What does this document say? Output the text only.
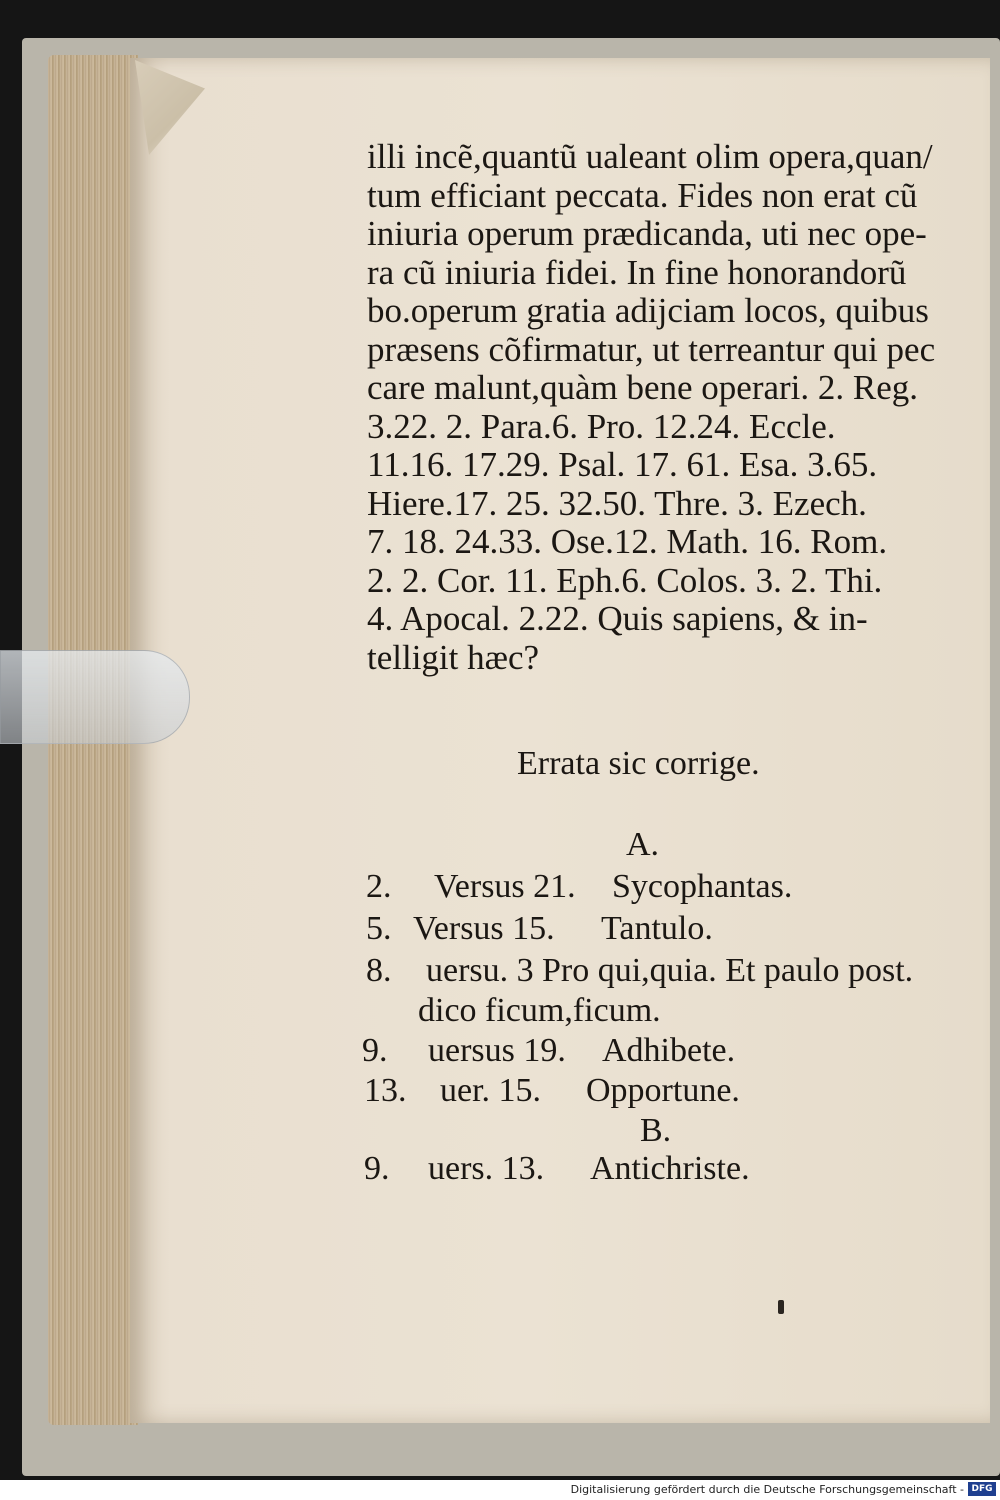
illi incẽ,quantũ ualeant olim opera,quan/
tum efficiant peccata. Fides non erat cũ
iniuria operum prædicanda, uti nec ope-
ra cũ iniuria fidei. In fine honorandorũ
bo.operum gratia adijciam locos, quibus
præsens cõfirmatur, ut terreantur qui pec
care malunt,quàm bene operari. 2. Reg.
3.22. 2. Para.6. Pro. 12.24. Eccle.
11.16. 17.29. Psal. 17. 61. Esa. 3.65.
Hiere.17. 25. 32.50. Thre. 3. Ezech.
7. 18. 24.33. Ose.12. Math. 16. Rom.
2. 2. Cor. 11. Eph.6. Colos. 3. 2. Thi.
4. Apocal. 2.22. Quis sapiens, & in-
telligit hæc?
Errata sic corrige.
A.
2. Versus 21. Sycophantas.
5. Versus 15. Tantulo.
8. uersu. 3 Pro qui,quia. Et paulo post.
dico ficum,ficum.
9. uersus 19. Adhibete.
13. uer. 15. Opportune.
B.
9. uers. 13. Antichriste.
Digitalisierung gefördert durch die Deutsche Forschungsgemeinschaft - DFG
